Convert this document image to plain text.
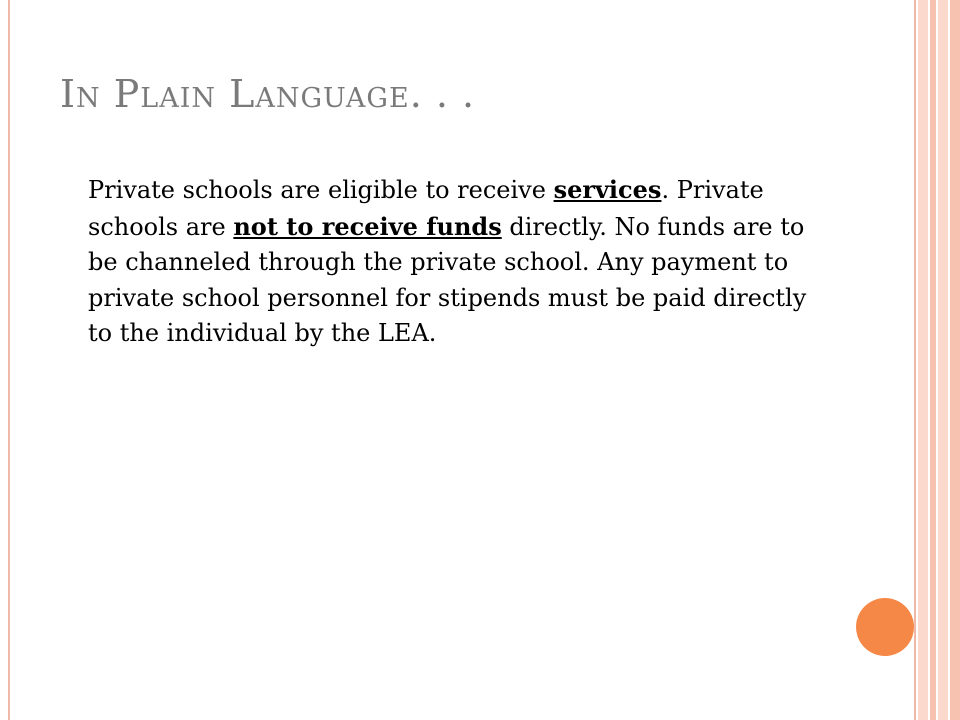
In Plain Language. . .

Private schools are eligible to receive services. Private schools are not to receive funds directly. No funds are to be channeled through the private school. Any payment to private school personnel for stipends must be paid directly to the individual by the LEA.
